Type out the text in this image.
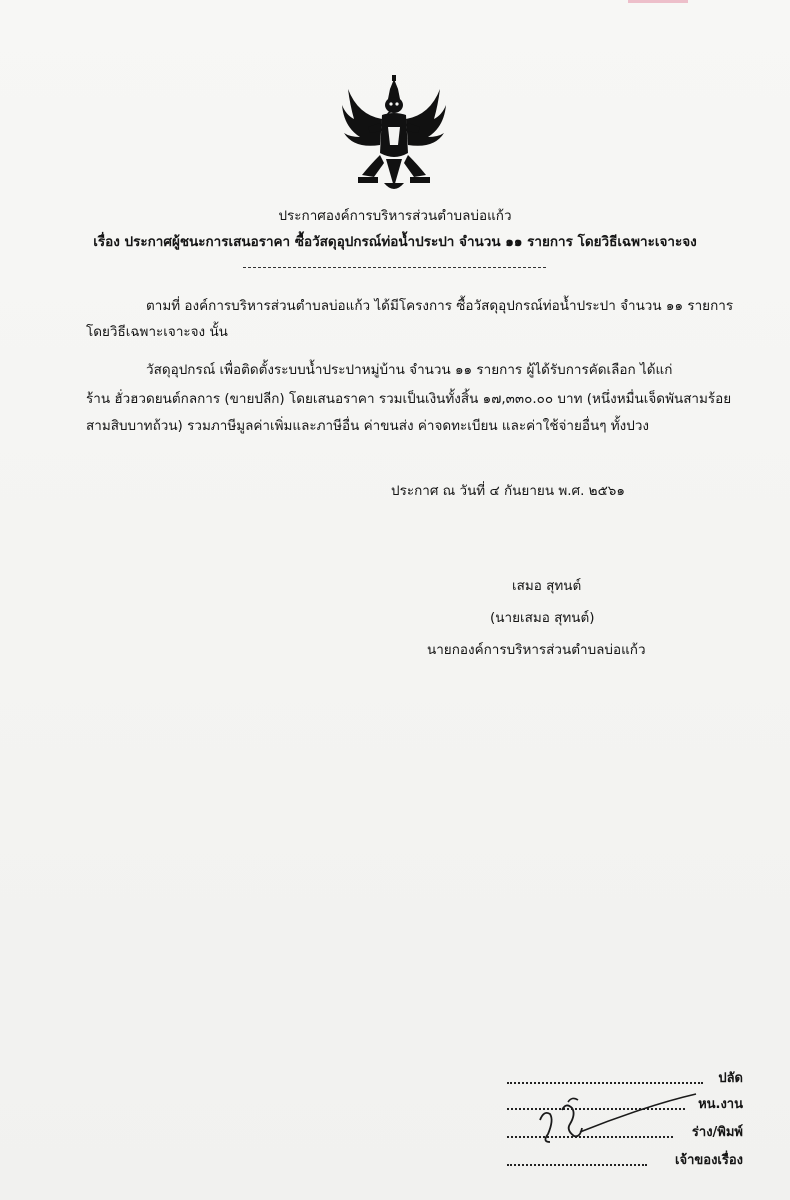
ประกาศองค์การบริหารส่วนตำบลบ่อแก้ว
เรื่อง ประกาศผู้ชนะการเสนอราคา ซื้อวัสดุอุปกรณ์ท่อน้ำประปา จำนวน ๑๑ รายการ โดยวิธีเฉพาะเจาะจง
ตามที่ องค์การบริหารส่วนตำบลบ่อแก้ว ได้มีโครงการ ซื้อวัสดุอุปกรณ์ท่อน้ำประปา จำนวน ๑๑ รายการ
โดยวิธีเฉพาะเจาะจง นั้น
วัสดุอุปกรณ์ เพื่อติดตั้งระบบน้ำประปาหมู่บ้าน จำนวน ๑๑ รายการ ผู้ได้รับการคัดเลือก ได้แก่
ร้าน ฮั่วฮวดยนต์กลการ (ขายปลีก) โดยเสนอราคา รวมเป็นเงินทั้งสิ้น ๑๗,๓๓๐.๐๐ บาท (หนึ่งหมื่นเจ็ดพันสามร้อย
สามสิบบาทถ้วน) รวมภาษีมูลค่าเพิ่มและภาษีอื่น ค่าขนส่ง ค่าจดทะเบียน และค่าใช้จ่ายอื่นๆ ทั้งปวง
ประกาศ ณ วันที่ ๔ กันยายน พ.ศ. ๒๕๖๑
เสมอ สุทนต์
(นายเสมอ สุทนต์)
นายกองค์การบริหารส่วนตำบลบ่อแก้ว
ปลัด
หน.งาน
ร่าง/พิมพ์
เจ้าของเรื่อง
